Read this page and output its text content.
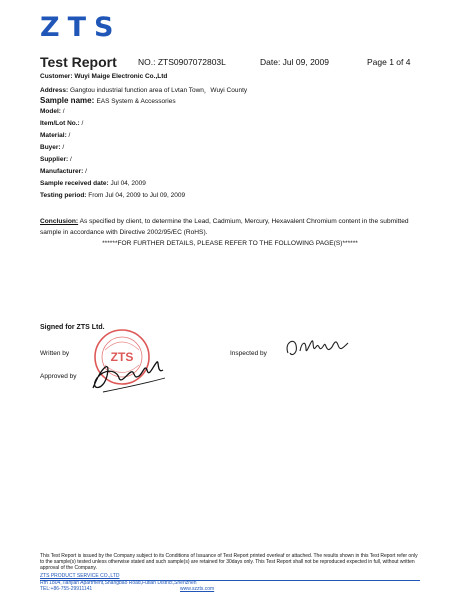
ZTS
Test Report	NO.: ZTS0907072803L	Date: Jul 09, 2009	Page 1 of 4
Customer: Wuyi Maige Electronic Co.,Ltd
Address: Gangtou industrial function area of Lvtan Town，Wuyi County
Sample name: EAS System & Accessories
Model: /
Item/Lot No.: /
Material: /
Buyer: /
Supplier: /
Manufacturer: /
Sample received date: Jul 04, 2009
Testing period: From Jul 04, 2009 to Jul 09, 2009
Conclusion: As specified by client, to determine the Lead, Cadmium, Mercury, Hexavalent Chromium content in the submitted sample in accordance with Directive 2002/95/EC (RoHS).
******FOR FURTHER DETAILS, PLEASE REFER TO THE FOLLOWING PAGE(S)******
Signed for ZTS Ltd.
Written by
Approved by
Inspected by
ZTS
This Test Report is issued by the Company subject to its Conditions of Issuance of Test Report printed overleaf or attached. The results shown in this Test Report refer only to the sample(s) tested unless otherwise stated and such sample(s) are retained for 30days only. This Test Report shall not be reproduced expected in full, without written approval of the Company.
ZTS PRODUCT SERVICE CO.,LTD
Rm 1804,Tianjian Apartment,Shangbao Road,Futian District,Shenzhen
TEL:+86-755-29911141	www.szzts.com
